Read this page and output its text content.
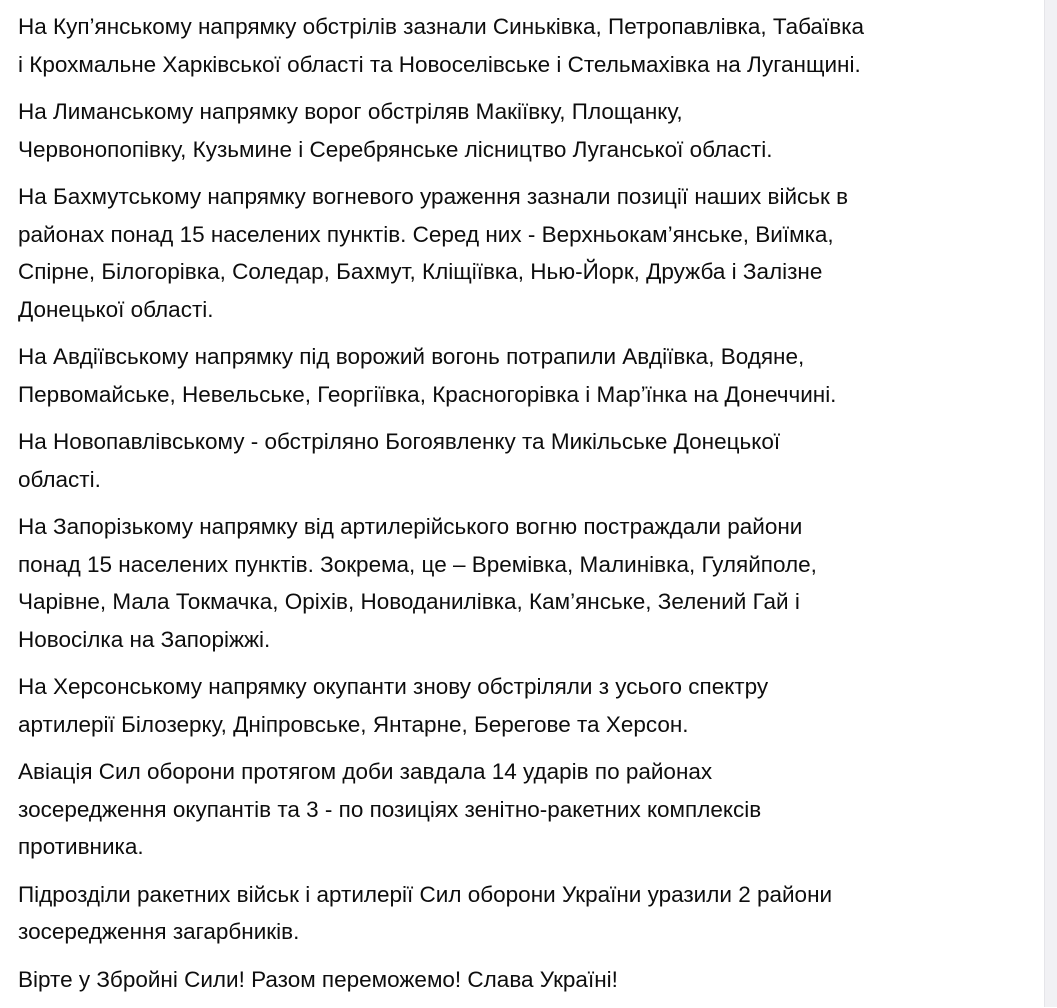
На Куп’янському напрямку обстрілів зазнали Синьківка, Петропавлівка, Табаївка
і Крохмальне Харківської області та Новоселівське і Стельмахівка на Луганщині.
На Лиманському напрямку ворог обстріляв Макіївку, Площанку,
Червонопопівку, Кузьмине і Серебрянське лісництво Луганської області.
На Бахмутському напрямку вогневого ураження зазнали позиції наших військ в
районах понад 15 населених пунктів. Серед них - Верхньокам’янське, Виїмка,
Спірне, Білогорівка, Соледар, Бахмут, Кліщіївка, Нью-Йорк, Дружба і Залізне
Донецької області.
На Авдіївському напрямку під ворожий вогонь потрапили Авдіївка, Водяне,
Первомайське, Невельське, Георгіївка, Красногорівка і Мар’їнка на Донеччині.
На Новопавлівському - обстріляно Богоявленку та Микільське Донецької
області.
На Запорізькому напрямку від артилерійського вогню постраждали райони
понад 15 населених пунктів. Зокрема, це – Времівка, Малинівка, Гуляйполе,
Чарівне, Мала Токмачка, Оріхів, Новоданилівка, Кам’янське, Зелений Гай і
Новосілка на Запоріжжі.
На Херсонському напрямку окупанти знову обстріляли з усього спектру
артилерії Білозерку, Дніпровське, Янтарне, Берегове та Херсон.
Авіація Сил оборони протягом доби завдала 14 ударів по районах
зосередження окупантів та 3 - по позиціях зенітно-ракетних комплексів
противника.
Підрозділи ракетних військ і артилерії Сил оборони України уразили 2 райони
зосередження загарбників.
Вірте у Збройні Сили! Разом переможемо! Слава Україні!
